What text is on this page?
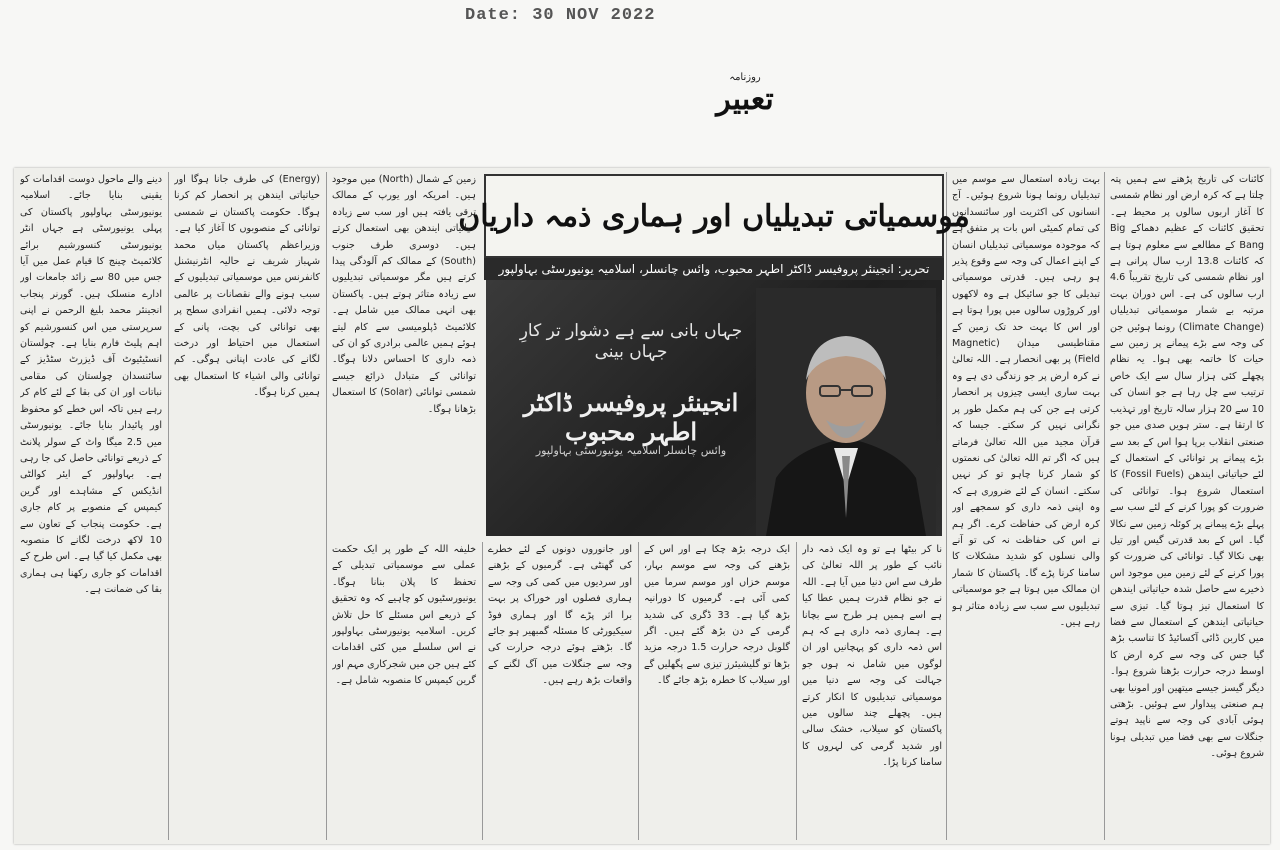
Date: 30 NOV 2022
روزنامہ
تعبیر
کائنات کی تاریخ پڑھنے سے ہمیں پتہ چلتا ہے کہ کرہ ارض اور نظام شمسی کا آغاز اربوں سالوں پر محیط ہے۔ تحقیق کائنات کے عظیم دھماکے Big Bang کے مطالعے سے معلوم ہوتا ہے کہ کائنات 13.8 ارب سال پرانی ہے اور نظام شمسی کی تاریخ تقریباً 4.6 ارب سالوں کی ہے۔ اس دوران بہت مرتبہ بے شمار موسمیاتی تبدیلیاں (Climate Change) رونما ہوئیں جن کی وجہ سے بڑے پیمانے پر زمین سے حیات کا خاتمہ بھی ہوا۔ یہ نظام پچھلے کئی ہزار سال سے ایک خاص ترتیب سے چل رہا ہے جو انسان کی 10 سے 20 ہزار سالہ تاریخ اور تہذیب کا ارتقا ہے۔ ستر ہویں صدی میں جو صنعتی انقلاب برپا ہوا اس کے بعد سے بڑے پیمانے پر توانائی کے استعمال کے لئے حیاتیاتی ایندھن (Fossil Fuels) کا استعمال شروع ہوا۔ توانائی کی ضرورت کو پورا کرنے کے لئے سب سے پہلے بڑے پیمانے پر کوئلہ زمین سے نکالا گیا۔ اس کے بعد قدرتی گیس اور تیل بھی نکالا گیا۔ توانائی کی ضرورت کو پورا کرنے کے لئے زمین میں موجود اس ذخیرے سے حاصل شدہ حیاتیاتی ایندھن کا استعمال تیز ہوتا گیا۔ تیزی سے حیاتیاتی ایندھن کے استعمال سے فضا میں کاربن ڈائی آکسائیڈ کا تناسب بڑھ گیا جس کی وجہ سے کرہ ارض کا اوسط درجہ حرارت بڑھنا شروع ہوا۔ دیگر گیسز جیسے میتھین اور امونیا بھی ہم صنعتی پیداوار سے ہوئیں۔ بڑھتی ہوئی آبادی کی وجہ سے ناپید ہوتے جنگلات سے بھی فضا میں تبدیلی ہونا شروع ہوئی۔
بہت زیادہ استعمال سے موسم میں تبدیلیاں رونما ہونا شروع ہوئیں۔ آج انسانوں کی اکثریت اور سائنسدانوں کی تمام کمیٹی اس بات پر متفق ہے کہ موجودہ موسمیاتی تبدیلیاں انسان کے اپنے اعمال کی وجہ سے وقوع پذیر ہو رہی ہیں۔ قدرتی موسمیاتی تبدیلی کا جو سائیکل ہے وہ لاکھوں اور کروڑوں سالوں میں پورا ہوتا ہے اور اس کا بہت حد تک زمین کے مقناطیسی میدان (Magnetic Field) پر بھی انحصار ہے۔ اللہ تعالیٰ نے کرہ ارض پر جو زندگی دی ہے وہ بہت ساری ایسی چیزوں پر انحصار کرتی ہے جن کی ہم مکمل طور پر نگرانی نہیں کر سکتے۔ جیسا کہ قرآن مجید میں اللہ تعالیٰ فرماتے ہیں کہ اگر تم اللہ تعالیٰ کی نعمتوں کو شمار کرنا چاہو تو کر نہیں سکتے۔ انسان کے لئے ضروری ہے کہ وہ اپنی ذمہ داری کو سمجھے اور کرہ ارض کی حفاظت کرے۔ اگر ہم نے اس کی حفاظت نہ کی تو آنے والی نسلوں کو شدید مشکلات کا سامنا کرنا پڑے گا۔ پاکستان کا شمار ان ممالک میں ہوتا ہے جو موسمیاتی تبدیلیوں سے سب سے زیادہ متاثر ہو رہے ہیں۔
موسمیاتی تبدیلیاں اور ہماری ذمہ داریاں
تحریر: انجینئر پروفیسر ڈاکٹر اطہر محبوب، وائس چانسلر، اسلامیہ یونیورسٹی بہاولپور
جہاں بانی سے ہے دشوار تر کارِ جہاں بینی
انجینئر پروفیسر ڈاکٹر اطہر محبوب
وائس چانسلر اسلامیہ یونیورسٹی بہاولپور
نا کر بیٹھا ہے تو وہ ایک ذمہ دار نائب کے طور پر اللہ تعالیٰ کی طرف سے اس دنیا میں آیا ہے۔ اللہ نے جو نظام قدرت ہمیں عطا کیا ہے اسے ہمیں ہر طرح سے بچانا ہے۔ ہماری ذمہ داری ہے کہ ہم اس ذمہ داری کو پہچانیں اور ان لوگوں میں شامل نہ ہوں جو جہالت کی وجہ سے دنیا میں موسمیاتی تبدیلیوں کا انکار کرتے ہیں۔ پچھلے چند سالوں میں پاکستان کو سیلاب، خشک سالی اور شدید گرمی کی لہروں کا سامنا کرنا پڑا۔
ایک درجہ بڑھ چکا ہے اور اس کے بڑھنے کی وجہ سے موسم بہار، موسم خزاں اور موسم سرما میں کمی آئی ہے۔ گرمیوں کا دورانیہ بڑھ گیا ہے۔ 33 ڈگری کی شدید گرمی کے دن بڑھ گئے ہیں۔ اگر گلوبل درجہ حرارت 1.5 درجہ مزید بڑھا تو گلیشیئرز تیزی سے پگھلیں گے اور سیلاب کا خطرہ بڑھ جائے گا۔
اور جانوروں دونوں کے لئے خطرے کی گھنٹی ہے۔ گرمیوں کے بڑھنے اور سردیوں میں کمی کی وجہ سے ہماری فصلوں اور خوراک پر بہت برا اثر پڑے گا اور ہماری فوڈ سیکیورٹی کا مسئلہ گمبھیر ہو جائے گا۔ بڑھتے ہوئے درجہ حرارت کی وجہ سے جنگلات میں آگ لگنے کے واقعات بڑھ رہے ہیں۔
خلیفہ اللہ کے طور پر ایک حکمت عملی سے موسمیاتی تبدیلی کے تحفظ کا پلان بنانا ہوگا۔ یونیورسٹیوں کو چاہیے کہ وہ تحقیق کے ذریعے اس مسئلے کا حل تلاش کریں۔ اسلامیہ یونیورسٹی بہاولپور نے اس سلسلے میں کئی اقدامات کئے ہیں جن میں شجرکاری مہم اور گرین کیمپس کا منصوبہ شامل ہے۔
زمین کے شمال (North) میں موجود ہیں۔ امریکہ اور یورپ کے ممالک ترقی یافتہ ہیں اور سب سے زیادہ حیاتیاتی ایندھن بھی استعمال کرتے ہیں۔ دوسری طرف جنوب (South) کے ممالک کم آلودگی پیدا کرتے ہیں مگر موسمیاتی تبدیلیوں سے زیادہ متاثر ہوتے ہیں۔ پاکستان بھی انہی ممالک میں شامل ہے۔ کلائمیٹ ڈپلومیسی سے کام لیتے ہوئے ہمیں عالمی برادری کو ان کی ذمہ داری کا احساس دلانا ہوگا۔ توانائی کے متبادل ذرائع جیسے شمسی توانائی (Solar) کا استعمال بڑھانا ہوگا۔
(Energy) کی طرف جانا ہوگا اور حیاتیاتی ایندھن پر انحصار کم کرنا ہوگا۔ حکومت پاکستان نے شمسی توانائی کے منصوبوں کا آغاز کیا ہے۔ وزیراعظم پاکستان میاں محمد شہباز شریف نے حالیہ انٹرنیشنل کانفرنس میں موسمیاتی تبدیلیوں کے سبب ہونے والے نقصانات پر عالمی توجہ دلائی۔ ہمیں انفرادی سطح پر بھی توانائی کی بچت، پانی کے استعمال میں احتیاط اور درخت لگانے کی عادت اپنانی ہوگی۔ کم توانائی والی اشیاء کا استعمال بھی ہمیں کرنا ہوگا۔
دینے والے ماحول دوست اقدامات کو یقینی بنایا جائے۔ اسلامیہ یونیورسٹی بہاولپور پاکستان کی پہلی یونیورسٹی ہے جہاں انٹر یونیورسٹی کنسورشیم برائے کلائمیٹ چینج کا قیام عمل میں آیا جس میں 80 سے زائد جامعات اور ادارے منسلک ہیں۔ گورنر پنجاب انجینئر محمد بلیغ الرحمن نے اپنی سرپرستی میں اس کنسورشیم کو اہم پلیٹ فارم بنایا ہے۔ چولستان انسٹیٹیوٹ آف ڈیزرٹ سٹڈیز کے سائنسدان چولستان کی مقامی نباتات اور ان کی بقا کے لئے کام کر رہے ہیں تاکہ اس خطے کو محفوظ اور پائیدار بنایا جائے۔ یونیورسٹی میں 2.5 میگا واٹ کے سولر پلانٹ کے ذریعے توانائی حاصل کی جا رہی ہے۔ بہاولپور کے ایئر کوالٹی انڈیکس کے مشاہدے اور گرین کیمپس کے منصوبے پر کام جاری ہے۔ حکومت پنجاب کے تعاون سے 10 لاکھ درخت لگانے کا منصوبہ بھی مکمل کیا گیا ہے۔ اس طرح کے اقدامات کو جاری رکھنا ہی ہماری بقا کی ضمانت ہے۔
